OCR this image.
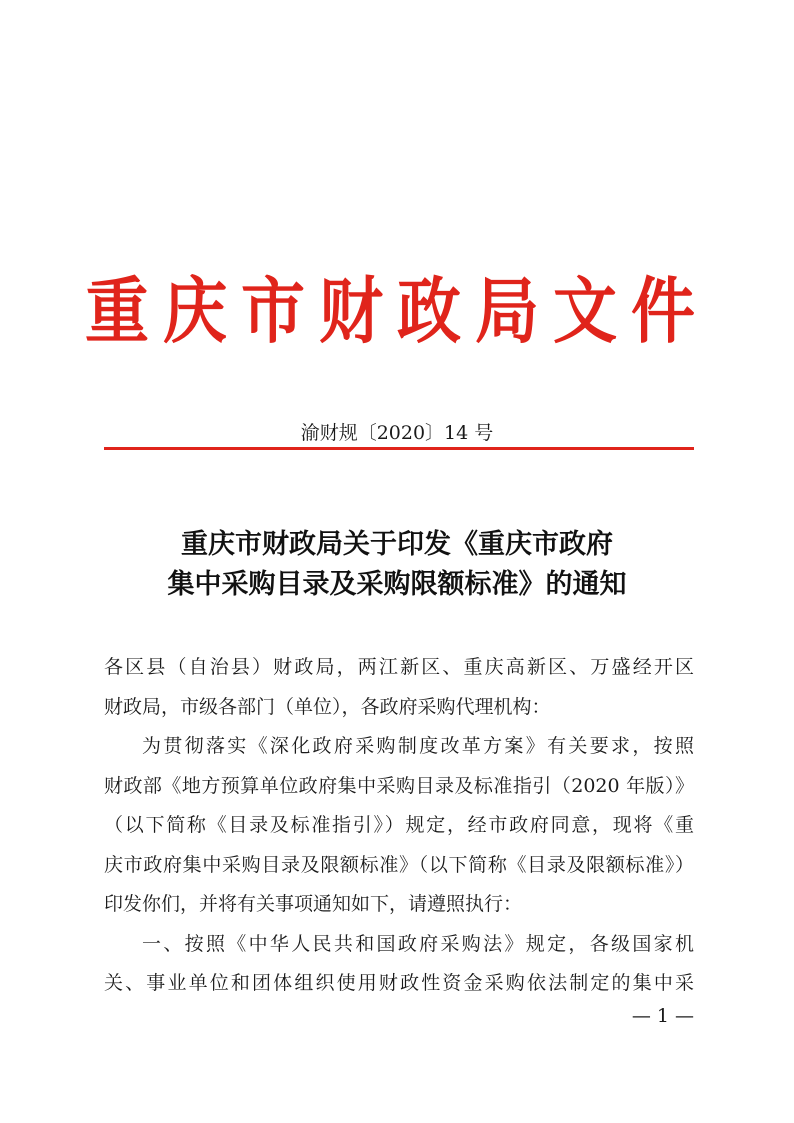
重庆市财政局文件
渝财规〔2020〕14 号
重庆市财政局关于印发《重庆市政府
集中采购目录及采购限额标准》的通知
各区县（自治县）财政局，两江新区、重庆高新区、万盛经开区
财政局，市级各部门（单位），各政府采购代理机构：
为贯彻落实《深化政府采购制度改革方案》有关要求，按照
财政部《地方预算单位政府集中采购目录及标准指引（2020 年版）》
（以下简称《目录及标准指引》）规定，经市政府同意，现将《重
庆市政府集中采购目录及限额标准》（以下简称《目录及限额标准》）
印发你们，并将有关事项通知如下，请遵照执行：
一、按照《中华人民共和国政府采购法》规定，各级国家机
关、事业单位和团体组织使用财政性资金采购依法制定的集中采
— 1 —
